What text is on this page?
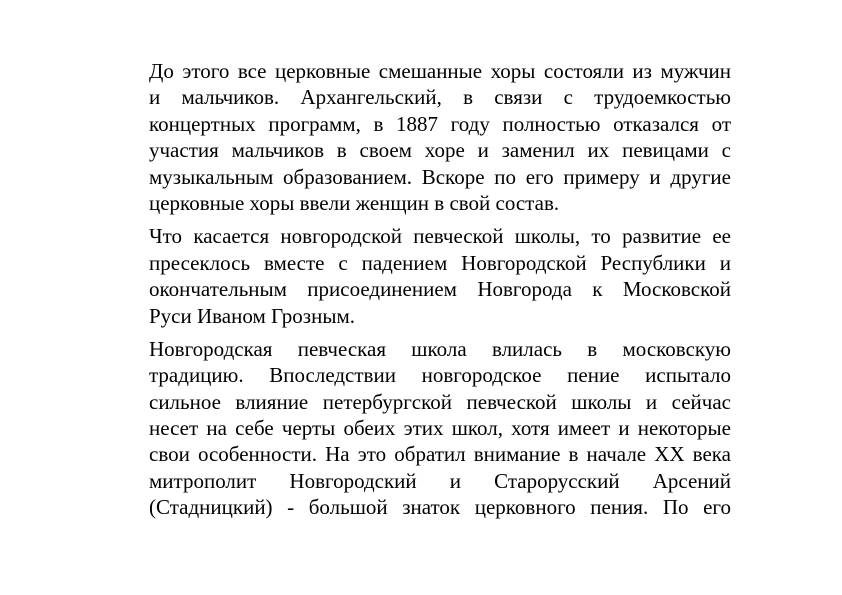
До этого все церковные смешанные хоры состояли из мужчин
и мальчиков. Архангельский, в связи с трудоемкостью
концертных программ, в 1887 году полностью отказался от
участия мальчиков в своем хоре и заменил их певицами с
музыкальным образованием. Вскоре по его примеру и другие
церковные хоры ввели женщин в свой состав.
Что касается новгородской певческой школы, то развитие ее
пресеклось вместе с падением Новгородской Республики и
окончательным присоединением Новгорода к Московской
Руси Иваном Грозным.
Новгородская певческая школа влилась в московскую
традицию. Впоследствии новгородское пение испытало
сильное влияние петербургской певческой школы и сейчас
несет на себе черты обеих этих школ, хотя имеет и некоторые
свои особенности. На это обратил внимание в начале XX века
митрополит Новгородский и Старорусский Арсений
(Стадницкий) - большой знаток церковного пения. По его
